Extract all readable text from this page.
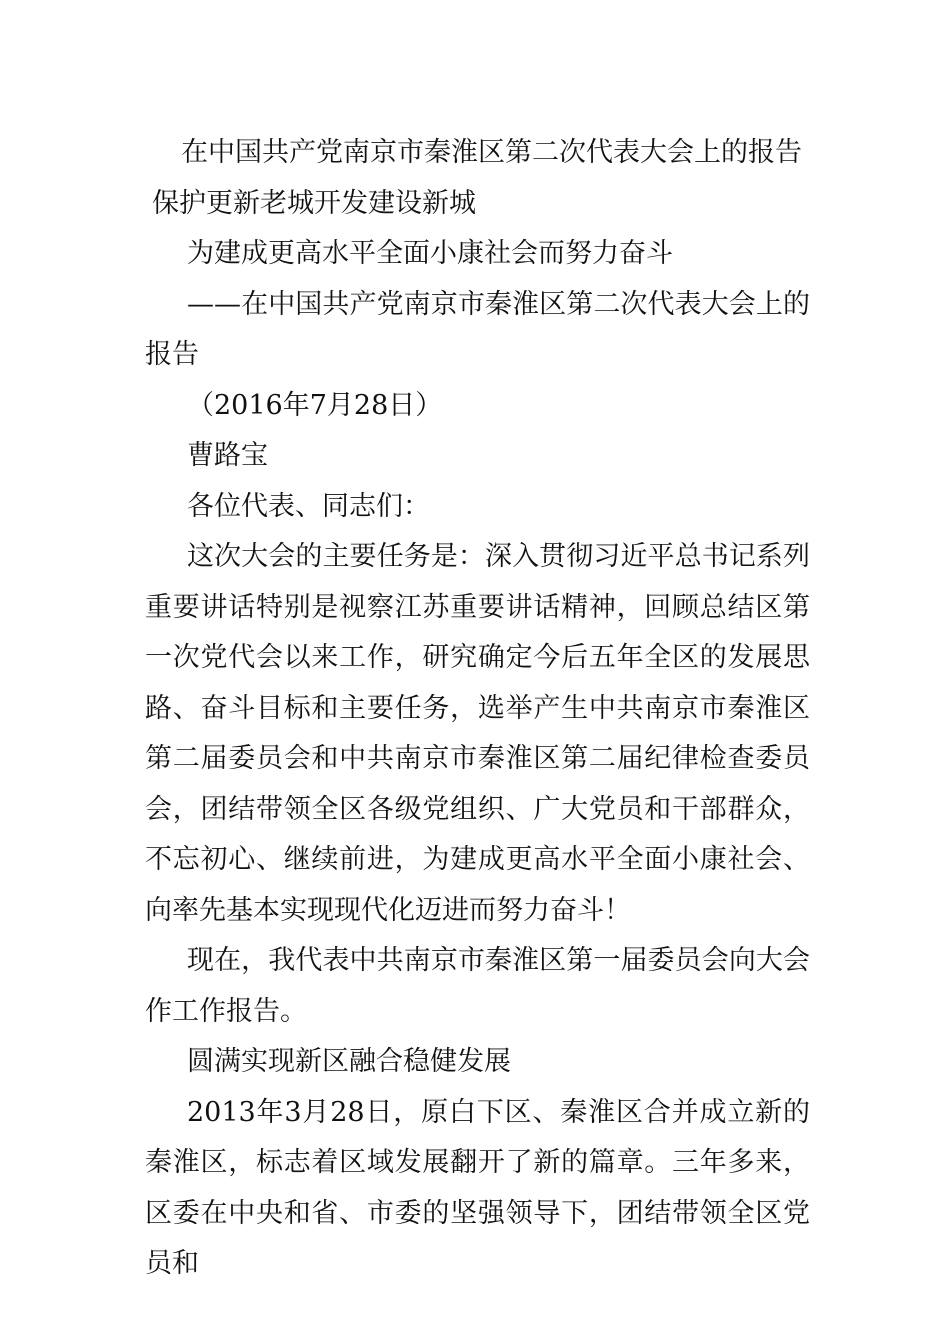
在中国共产党南京市秦淮区第二次代表大会上的报告

保护更新老城开发建设新城

为建成更高水平全面小康社会而努力奋斗

——在中国共产党南京市秦淮区第二次代表大会上的报告

（2016年7月28日）

曹路宝

各位代表、同志们：

这次大会的主要任务是：深入贯彻习近平总书记系列重要讲话特别是视察江苏重要讲话精神，回顾总结区第一次党代会以来工作，研究确定今后五年全区的发展思路、奋斗目标和主要任务，选举产生中共南京市秦淮区第二届委员会和中共南京市秦淮区第二届纪律检查委员会，团结带领全区各级党组织、广大党员和干部群众，不忘初心、继续前进，为建成更高水平全面小康社会、向率先基本实现现代化迈进而努力奋斗！

现在，我代表中共南京市秦淮区第一届委员会向大会作工作报告。

圆满实现新区融合稳健发展

2013年3月28日，原白下区、秦淮区合并成立新的秦淮区，标志着区域发展翻开了新的篇章。三年多来，区委在中央和省、市委的坚强领导下，团结带领全区党员和
